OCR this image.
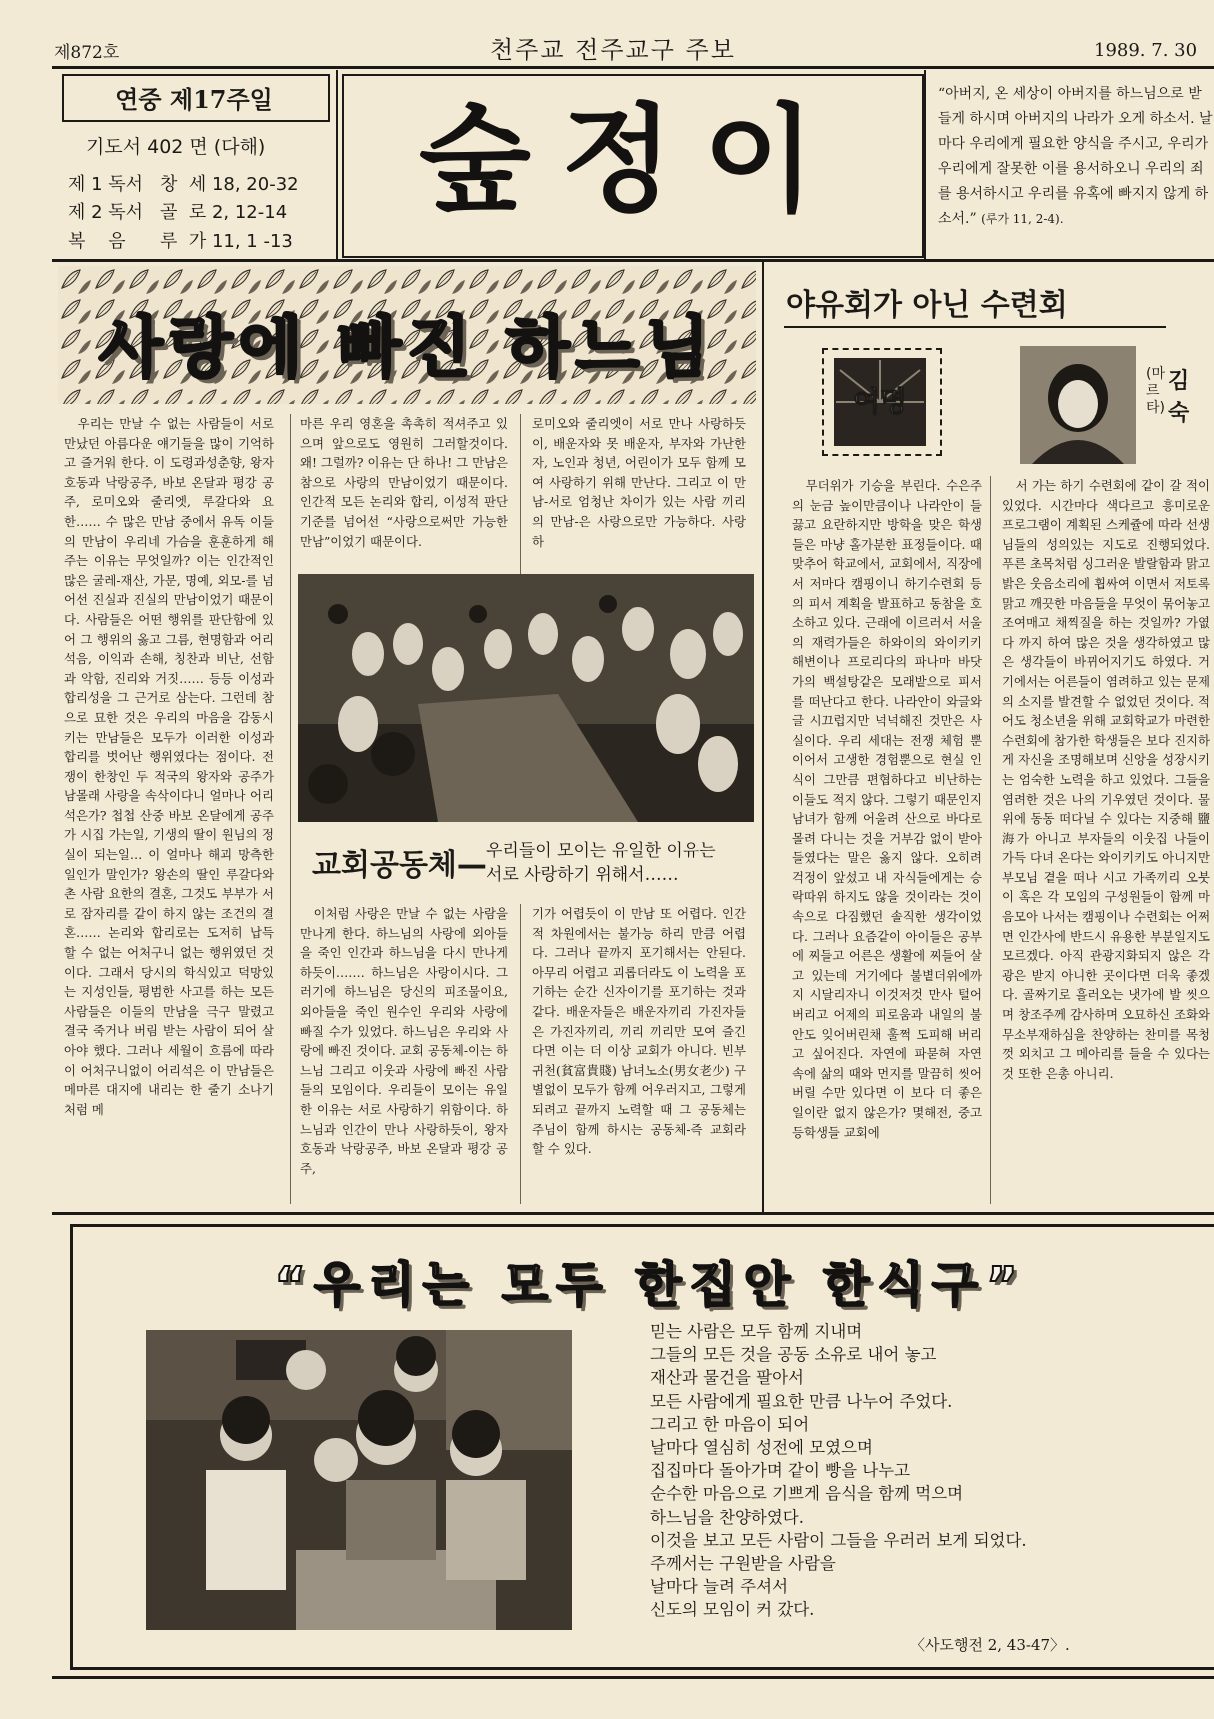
제872호	천주교 전주교구 주보	1989. 7. 30
연중 제17주일
기도서 402 면 (다해)
제 1 독서 창  세 18, 20-32
제 2 독서 골  로 2, 12-14
복    음 루  가 11, 1 -13
숲정이	“아버지, 온 세상이 아버지를 하느님으로 받들게 하시며 아버지의 나라가 오게 하소서. 날마다 우리에게 필요한 양식을 주시고, 우리가 우리에게 잘못한 이를 용서하오니 우리의 죄를 용서하시고 우리를 유혹에 빠지지 않게 하소서.” (루가 11, 2-4).
사랑에 빠진 하느님

우리는 만날 수 없는 사람들이 서로 만났던 아름다운 얘기들을 많이 기억하고 즐거워 한다. 이 도령과성춘향, 왕자 호동과 낙랑공주, 바보 온달과 평강 공주, 로미오와 줄리엣, 루갈다와 요한…… 수 많은 만남 중에서 유독 이들의 만남이 우리네 가슴을 훈훈하게 해주는 이유는 무엇일까? 이는 인간적인 많은 굴레-재산, 가문, 명예, 외모-를 넘어선 진실과 진실의 만남이었기 때문이다. 사람들은 어떤 행위를 판단함에 있어 그 행위의 옳고 그름, 현명함과 어리석음, 이익과 손해, 칭찬과 비난, 선함과 악함, 진리와 거짓…… 등등 이성과 합리성을 그 근거로 삼는다. 그런데 참으로 묘한 것은 우리의 마음을 감동시키는 만남들은 모두가 이러한 이성과 합리를 벗어난 행위였다는 점이다. 전쟁이 한창인 두 적국의 왕자와 공주가 남몰래 사랑을 속삭이다니 얼마나 어리석은가? 첩첩 산중 바보 온달에게 공주가 시집 가는일, 기생의 딸이 원님의 정실이 되는일… 이 얼마나 해괴 망측한 일인가 말인가? 왕손의 딸인 루갈다와 촌 사람 요한의 결혼, 그것도 부부가 서로 잠자리를 같이 하지 않는 조건의 결혼…… 논리와 합리로는 도저히 납득 할 수 없는 어처구니 없는 행위였던 것이다. 그래서 당시의 학식있고 덕망있는 지성인들, 평범한 사고를 하는 모든 사람들은 이들의 만남을 극구 말렸고 결국 죽거나 버림 받는 사람이 되어 살아야 했다. 그러나 세월이 흐름에 따라 이 어처구니없이 어리석은 이 만남들은 메마른 대지에 내리는 한 줄기 소나기 처럼 메

마른 우리 영혼을 촉촉히 적셔주고 있으며 앞으로도 영원히 그러할것이다. 왜! 그럴까? 이유는 단 하나! 그 만남은 참으로 사랑의 만남이었기 때문이다. 인간적 모든 논리와 합리, 이성적 판단기준를 넘어선 “사랑으로써만 가능한 만남”이었기 때문이다.

로미오와 줄리엣이 서로 만나 사랑하듯이, 배운자와 못 배운자, 부자와 가난한자, 노인과 청년, 어린이가 모두 함께 모여 사랑하기 위해 만난다. 그리고 이 만남-서로 엄청난 차이가 있는 사람 끼리의 만남-은 사랑으로만 가능하다. 사랑하

교회공동체— 우리들이 모이는 유일한 이유는
서로 사랑하기 위해서……

이처럼 사랑은 만날 수 없는 사람을 만나게 한다. 하느님의 사랑에 외아들을 죽인 인간과 하느님을 다시 만나게 하듯이……. 하느님은 사랑이시다. 그러기에 하느님은 당신의 피조물이요, 외아들을 죽인 원수인 우리와 사랑에 빠질 수가 있었다. 하느님은 우리와 사랑에 빠진 것이다. 교회 공동체-이는 하느님 그리고 이웃과 사랑에 빠진 사람들의 모임이다. 우리들이 모이는 유일한 이유는 서로 사랑하기 위함이다. 하느님과 인간이 만나 사랑하듯이, 왕자 호동과 낙랑공주, 바보 온달과 평강 공주,

기가 어렵듯이 이 만남 또 어렵다. 인간적 차원에서는 불가능 하리 만큼 어렵다. 그러나 끝까지 포기해서는 안된다. 아무리 어렵고 괴롭더라도 이 노력을 포기하는 순간 신자이기를 포기하는 것과 같다. 배운자들은 배운자끼리 가진자들은 가진자끼리, 끼리 끼리만 모여 즐긴다면 이는 더 이상 교회가 아니다. 빈부귀천(貧富貴賤) 남녀노소(男女老少) 구별없이 모두가 함께 어우러지고, 그렇게 되려고 끝까지 노력할 때 그 공동체는 주님이 함께 하시는 공동체-즉 교회라 할 수 있다.

야유회가 아닌 수련회
여명
(마르타)
김숙

무더위가 기승을 부린다. 수은주의 눈금 높이만큼이나 나라안이 들끓고 요란하지만 방학을 맞은 학생들은 마냥 홀가분한 표정들이다. 때 맞추어 학교에서, 교회에서, 직장에서 저마다 캠핑이니 하기수련회 등의 피서 계획을 발표하고 동참을 호소하고 있다. 근래에 이르러서 서울의 재력가들은 하와이의 와이키키 해변이나 프로리다의 파나마 바닷가의 백설탕같은 모래밭으로 피서를 떠난다고 한다. 나라안이 와글와글 시끄럽지만 넉넉해진 것만은 사실이다. 우리 세대는 전쟁 체험 뿐이어서 고생한 경험뿐으로 현실 인식이 그만큼 편협하다고 비난하는 이들도 적지 않다. 그렇기 때문인지 남녀가 함께 어울려 산으로 바다로 몰려 다니는 것을 거부감 없이 받아들였다는 말은 옳지 않다. 오히려 걱정이 앞섰고 내 자식들에게는 승락따위 하지도 않을 것이라는 것이 속으로 다짐했던 솔직한 생각이었다. 그러나 요즘같이 아이들은 공부에 찌들고 어른은 생활에 찌들어 살고 있는데 거기에다 불볕더위에까지 시달리자니 이것저것 만사 털어버리고 어제의 피로움과 내일의 불안도 잊어버린채 훌쩍 도피해 버리고 싶어진다. 자연에 파묻혀 자연 속에 삶의 때와 먼지를 말끔히 씻어버릴 수만 있다면 이 보다 더 좋은 일이란 없지 않은가? 몇해전, 중고등학생들 교회에

서 가는 하기 수련회에 같이 갈 적이 있었다. 시간마다 색다르고 흥미로운 프로그램이 계획된 스케쥴에 따라 선생님들의 성의있는 지도로 진행되었다. 푸른 초목처럼 싱그러운 발랄함과 맑고 밝은 웃음소리에 휩싸여 이면서 저토록 맑고 깨끗한 마음들을 무엇이 묶어놓고 조여매고 채찍질을 하는 것일까? 가엾다 까지 하여 많은 것을 생각하였고 많은 생각들이 바뀌어지기도 하였다. 거기에서는 어른들이 염려하고 있는 문제의 소지를 발견할 수 없었던 것이다. 적어도 청소년을 위해 교회학교가 마련한 수련회에 참가한 학생들은 보다 진지하게 자신을 조명해보며 신앙을 성장시키는 엄숙한 노력을 하고 있었다. 그들을 염려한 것은 나의 기우였던 것이다. 물 위에 동동 떠다닐 수 있다는 지중해 鹽海가 아니고 부자들의 이웃집 나들이 가득 다녀 온다는 와이키키도 아니지만 부모님 곁을 떠나 시고 가족끼리 오붓이 혹은 각 모임의 구성원들이 함께 마음모아 나서는 캠핑이나 수련회는 어쩌면 인간사에 반드시 유용한 부분일지도 모르겠다. 아직 관광지화되지 않은 각광은 받지 아니한 곳이다면 더욱 좋겠다. 골짜기로 흘러오는 냇가에 발 씻으며 창조주께 감사하며 오묘하신 조화와 무소부재하심을 찬양하는 찬미를 목청껏 외치고 그 메아리를 들을 수 있다는 것 또한 은총 아니리.

“우리는 모두 한집안 한식구”
믿는 사람은 모두 함께 지내며
그들의 모든 것을 공동 소유로 내어 놓고
재산과 물건을 팔아서
모든 사람에게 필요한 만큼 나누어 주었다.
그리고 한 마음이 되어
날마다 열심히 성전에 모였으며
집집마다 돌아가며 같이 빵을 나누고
순수한 마음으로 기쁘게 음식을 함께 먹으며
하느님을 찬양하였다.
이것을 보고 모든 사람이 그들을 우러러 보게 되었다.
주께서는 구원받을 사람을
날마다 늘려 주셔서
신도의 모임이 커 갔다.
〈사도행전 2, 43-47〉.
